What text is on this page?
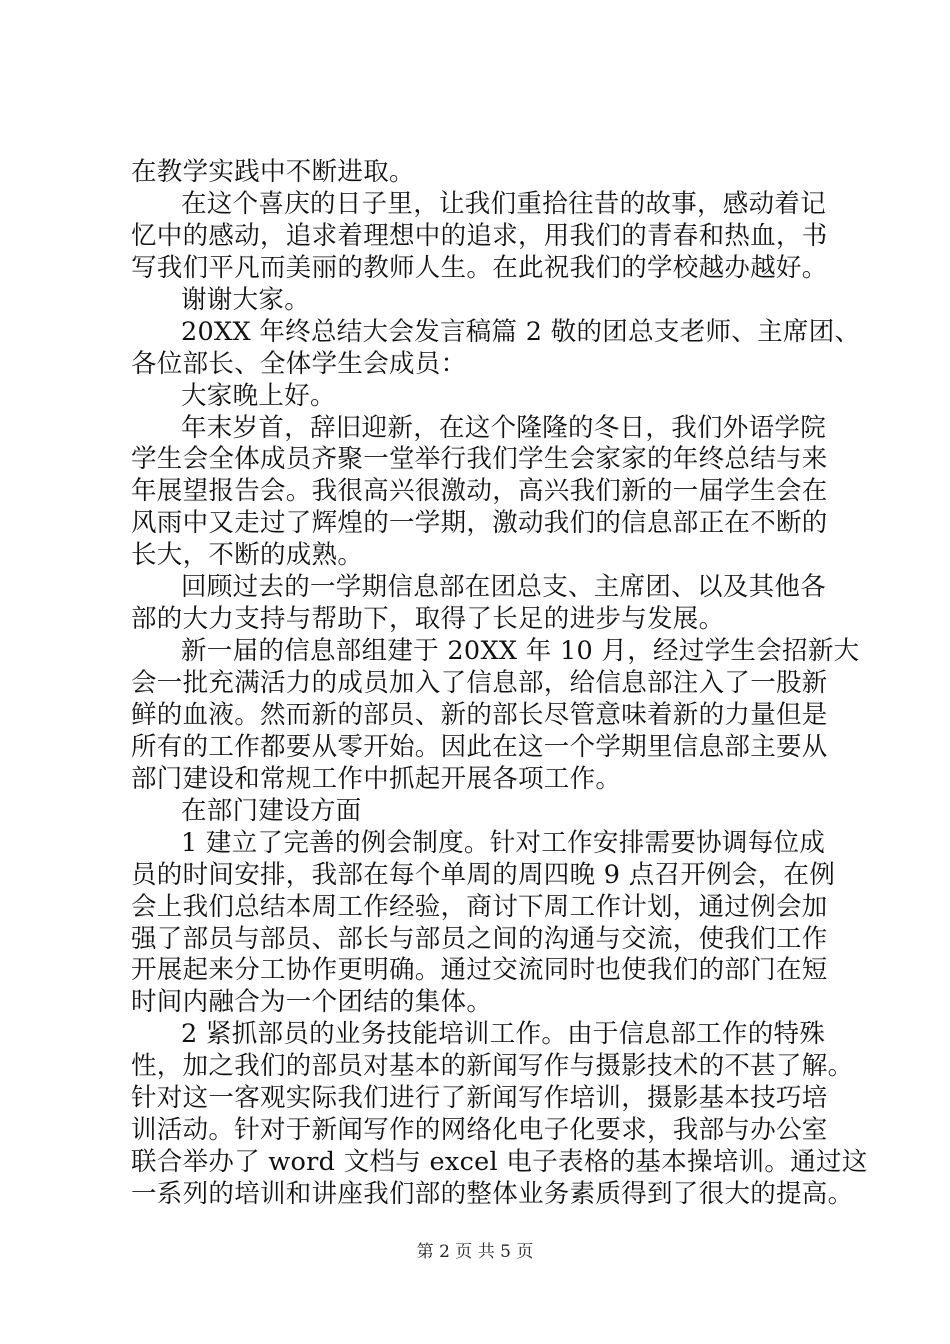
在教学实践中不断进取。
在这个喜庆的日子里，让我们重拾往昔的故事，感动着记
忆中的感动，追求着理想中的追求，用我们的青春和热血，书
写我们平凡而美丽的教师人生。在此祝我们的学校越办越好。
谢谢大家。
20XX 年终总结大会发言稿篇 2 敬的团总支老师、主席团、
各位部长、全体学生会成员：
大家晚上好。
年末岁首，辞旧迎新，在这个隆隆的冬日，我们外语学院
学生会全体成员齐聚一堂举行我们学生会家家的年终总结与来
年展望报告会。我很高兴很激动，高兴我们新的一届学生会在
风雨中又走过了辉煌的一学期，激动我们的信息部正在不断的
长大，不断的成熟。
回顾过去的一学期信息部在团总支、主席团、以及其他各
部的大力支持与帮助下，取得了长足的进步与发展。
新一届的信息部组建于 20XX 年 10 月，经过学生会招新大
会一批充满活力的成员加入了信息部，给信息部注入了一股新
鲜的血液。然而新的部员、新的部长尽管意味着新的力量但是
所有的工作都要从零开始。因此在这一个学期里信息部主要从
部门建设和常规工作中抓起开展各项工作。
在部门建设方面
1 建立了完善的例会制度。针对工作安排需要协调每位成
员的时间安排，我部在每个单周的周四晚 9 点召开例会，在例
会上我们总结本周工作经验，商讨下周工作计划，通过例会加
强了部员与部员、部长与部员之间的沟通与交流，使我们工作
开展起来分工协作更明确。通过交流同时也使我们的部门在短
时间内融合为一个团结的集体。
2 紧抓部员的业务技能培训工作。由于信息部工作的特殊
性，加之我们的部员对基本的新闻写作与摄影技术的不甚了解。
针对这一客观实际我们进行了新闻写作培训，摄影基本技巧培
训活动。针对于新闻写作的网络化电子化要求，我部与办公室
联合举办了 word 文档与 excel 电子表格的基本操培训。通过这
一系列的培训和讲座我们部的整体业务素质得到了很大的提高。
第 2 页 共 5 页
